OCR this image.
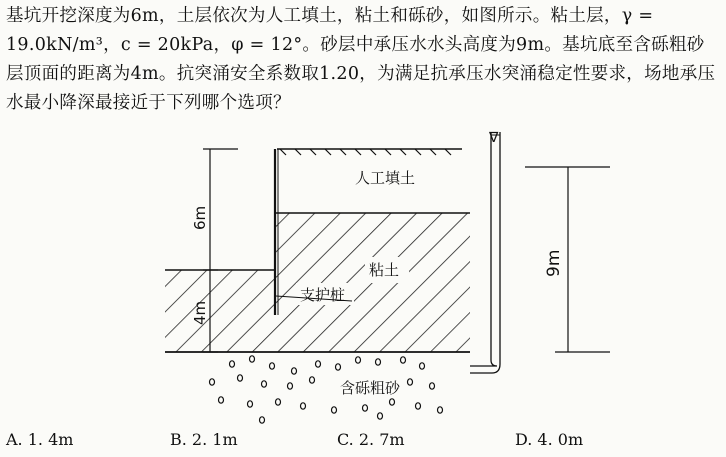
基坑开挖深度为6m，土层依次为人工填土，粘土和砾砂，如图所示。粘土层，γ = 19.0kN/m³，c = 20kPa，φ = 12°。砂层中承压水水头高度为9m。基坑底至含砾粗砂层顶面的距离为4m。抗突涌安全系数取1.20，为满足抗承压水突涌稳定性要求，场地承压水最小降深最接近于下列哪个选项？

6m
4m
∇
9m
人工填土
粘土
支护桩
含砾粗砂
A. 1. 4m	B. 2. 1m	C. 2. 7m	D. 4. 0m
